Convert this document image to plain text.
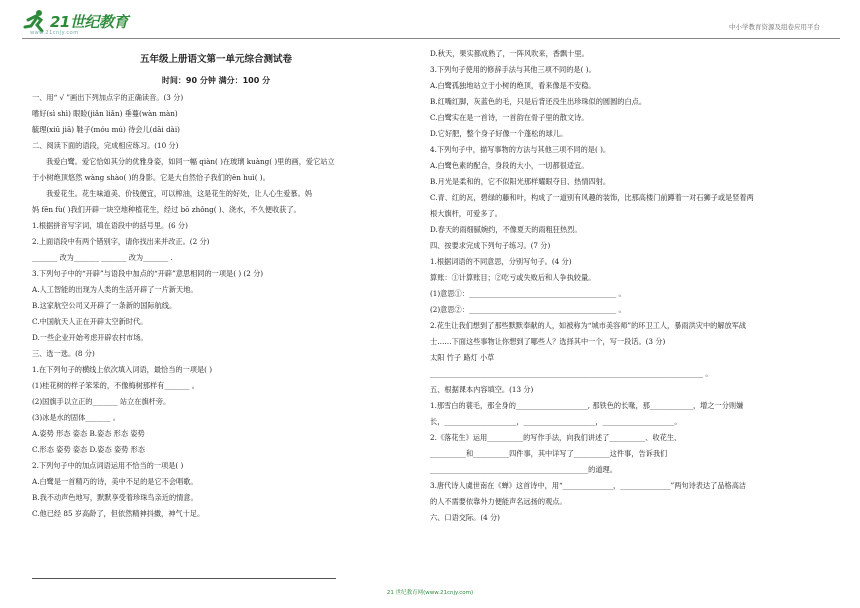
21世纪教育
www.21cnjy.com
中小学教育资源及组卷应用平台

五年级上册语文第一单元综合测试卷

时间：90 分钟 满分：100 分

一、用“ √ ”画出下列加点字的正确读音。(3 分)

嗜好(sì shì) 眼睑(jiǎn liǎn) 垂蔓(wàn màn)

毓理(xiū jiā) 鞋子(móu mú) 待会儿(dāi dài)

二、阅读下面的语段，完成相应练习。(10 分)

我爱白鹭。爱它恰如其分的优雅身姿，如同一幅 qiàn( )在玻璃 kuàng( )里的画，爱它站立

于小树绝顶悠然 wàng shào( )的身影。它是大自然恰子我们的ēn huì( )。

我爱花生。花生味道美、价钱便宜，可以榨油，这是花生的好处，让人心生爱慕。妈

妈 fēn fù( )我们开辟一块空地种植花生，经过 bō zhǒng( )、浇水，不久便收获了。

1.根据拼音写字词，填在语段中的括号里。(6 分)

2.上面语段中有两个错别字，请你找出来并改正。(2 分)

_______ 改为_______ _______ 改为_______ .

3.下列句子中的“开辟”与语段中加点的“开辟”意思相同的一项是( ) (2 分)

A.人工智能的出现为人类的生活开辟了一片新天地。

B.这家航空公司又开辟了一条新的国际航线。

C.中国航天人正在开辟太空新时代。

D.一些企业开始考虑开辟农村市场。

三、选一选。(8 分)

1.在下列句子的横线上依次填入词语，最恰当的一项是( )

(1)桂花树的样子笨笨的，不像梅树那样有_______ 。

(2)国旗手以立正的_______ 站立在旗杆旁。

(3)冰是水的固体_______ 。

A.姿势 形态 姿态 B.姿态 形态 姿势

C.形态 姿势 姿态 D.姿态 姿势 形态

2.下列句子中的加点词语运用不恰当的一项是( )

A.白鹭是一首精巧的诗，美中不足的是它不会唱歌。

B.我不动声色地写，默默享受着珍珠鸟亲近的情意。

C.他已经 85 岁高龄了，但依然精神抖擞，神气十足。

D.秋天，果实都成熟了，一阵风吹来，香飘十里。

3.下列句子使用的修辞手法与其他三项不同的是( )。

A.白鹭孤独地站立于小树的绝顶，看来像是不安稳。

B.红嘴红脚，灰蓝色的毛，只是后背还没生出珍珠似的圆圆的白点。

C.白鹭实在是一首诗，一首韵在骨子里的散文诗。

D.它好肥，整个身子好像一个蓬松的球儿。

4.下列句子中，描写事物的方法与其他三项不同的是( )。

A.白鹭色素的配合，身段的大小，一切都很适宜。

B.月光是柔和的，它不似阳光那样耀眼夺目、热情四射。

C.青、红的瓦，碧绿的藤和叶，构成了一道别有风趣的装饰，比那高楼门前蹲着一对石狮子或是竖着两

根大旗杆，可爱多了。

D.春天的雨细腻婉约，不像夏天的雨粗狂热烈。

四、按要求完成下列句子练习。(7 分)

1.根据词语的不同意思，分别写句子。(4 分)

算账：①计算账目；②吃亏或失败后和人争执较量。

(1)意思①：_________________________________________ 。

(2)意思②：_________________________________________ 。

2.花生让我们想到了那些默默奉献的人，如被称为“城市美容师”的环卫工人，暴雨洪灾中的解放军战

士……下面这些事物让你想到了哪些人？选择其中一个，写一段话。(3 分)

太阳 竹子 路灯 小草

____________________________________________________________________________ 。

五、根据课本内容填空。(13 分)

1.那雪白的蓑毛，那全身的____________________, 那铁色的长喙，那____________，增之一分则嫌

长，____________________，____________________，____________________。

2.《落花生》运用__________的写作手法，向我们讲述了__________、收花生、

__________和__________四件事，其中详写了__________这件事，告诉我们

____________________________________________的道理。

3.唐代诗人虞世南在《蝉》这首诗中，用“______________，______________”两句诗表达了品格高洁

的人不需要依靠外力便能声名远扬的观点。

六、口语交际。(4 分)

21 世纪教育网(www.21cnjy.com)
